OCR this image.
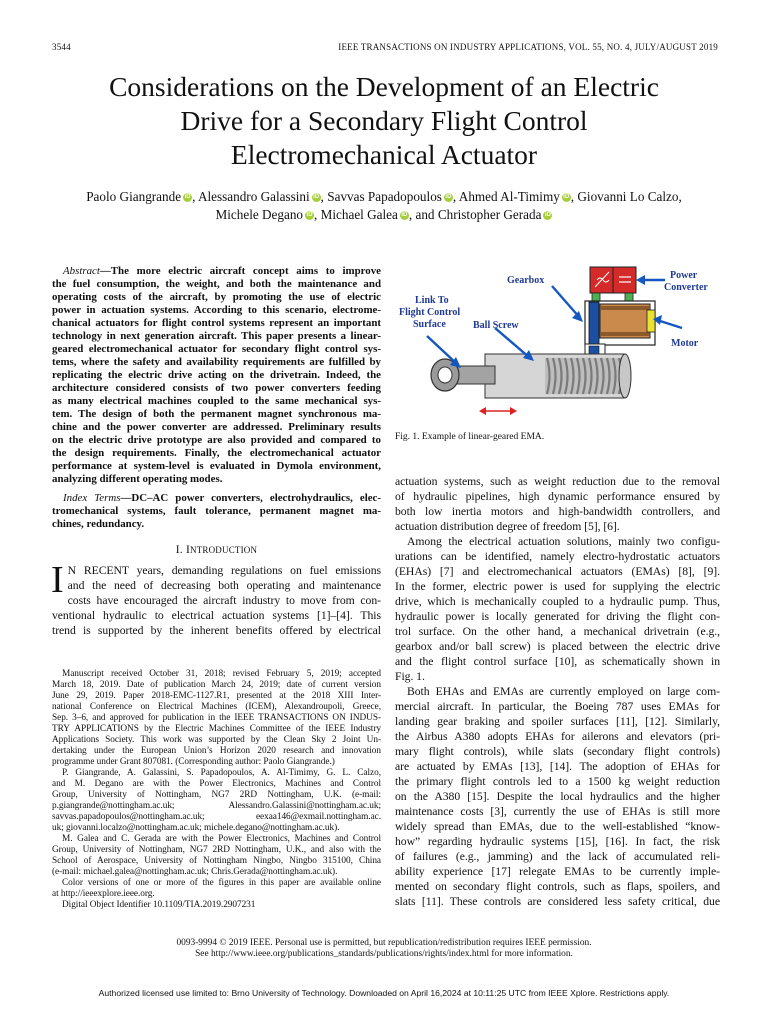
3544	IEEE TRANSACTIONS ON INDUSTRY APPLICATIONS, VOL. 55, NO. 4, JULY/AUGUST 2019
Considerations on the Development of an Electric
Drive for a Secondary Flight Control
Electromechanical Actuator
Paolo Giangrande iD , Alessandro Galassini iD , Savvas Papadopoulos iD , Ahmed Al-Timimy iD , Giovanni Lo Calzo,
Michele Degano iD , Michael Galea iD , and Christopher Gerada iD
Abstract—The more electric aircraft concept aims to improve
the fuel consumption, the weight, and both the maintenance and
operating costs of the aircraft, by promoting the use of electric
power in actuation systems. According to this scenario, electrome-
chanical actuators for flight control systems represent an important
technology in next generation aircraft. This paper presents a linear-
geared electromechanical actuator for secondary flight control sys-
tems, where the safety and availability requirements are fulfilled by
replicating the electric drive acting on the drivetrain. Indeed, the
architecture considered consists of two power converters feeding
as many electrical machines coupled to the same mechanical sys-
tem. The design of both the permanent magnet synchronous ma-
chine and the power converter are addressed. Preliminary results
on the electric drive prototype are also provided and compared to
the design requirements. Finally, the electromechanical actuator
performance at system-level is evaluated in Dymola environment,
analyzing different operating modes.
Index Terms—DC–AC power converters, electrohydraulics, elec-
tromechanical systems, fault tolerance, permanent magnet ma-
chines, redundancy.
I. INTRODUCTION
I N RECENT years, demanding regulations on fuel emissions
and the need of decreasing both operating and maintenance
costs have encouraged the aircraft industry to move from con-
ventional hydraulic to electrical actuation systems [1]–[4]. This
trend is supported by the inherent benefits offered by electrical
Manuscript received October 31, 2018; revised February 5, 2019; accepted
March 18, 2019. Date of publication March 24, 2019; date of current version
June 29, 2019. Paper 2018-EMC-1127.R1, presented at the 2018 XIII Inter-
national Conference on Electrical Machines (ICEM), Alexandroupoli, Greece,
Sep. 3–6, and approved for publication in the IEEE TRANSACTIONS ON INDUS-
TRY APPLICATIONS by the Electric Machines Committee of the IEEE Industry
Applications Society. This work was supported by the Clean Sky 2 Joint Un-
dertaking under the European Union’s Horizon 2020 research and innovation
programme under Grant 807081. (Corresponding author: Paolo Giangrande.)
P. Giangrande, A. Galassini, S. Papadopoulos, A. Al-Timimy, G. L. Calzo,
and M. Degano are with the Power Electronics, Machines and Control
Group, University of Nottingham, NG7 2RD Nottingham, U.K. (e-mail:
p.giangrande@nottingham.ac.uk; Alessandro.Galassini@nottingham.ac.uk;
savvas.papadopoulos@nottingham.ac.uk; eexaa146@exmail.nottingham.ac.
uk; giovanni.localzo@nottingham.ac.uk; michele.degano@nottingham.ac.uk).
M. Galea and C. Gerada are with the Power Electronics, Machines and Control
Group, University of Nottingham, NG7 2RD Nottingham, U.K., and also with the
School of Aerospace, University of Nottingham Ningbo, Ningbo 315100, China
(e-mail: michael.galea@nottingham.ac.uk; Chris.Gerada@nottingham.ac.uk).
Color versions of one or more of the figures in this paper are available online
at http://ieeexplore.ieee.org.
Digital Object Identifier 10.1109/TIA.2019.2907231
Gearbox	Power
Converter
Link To
Flight Control
Surface	Ball Screw
Motor
Fig. 1. Example of linear-geared EMA.
actuation systems, such as weight reduction due to the removal
of hydraulic pipelines, high dynamic performance ensured by
both low inertia motors and high-bandwidth controllers, and
actuation distribution degree of freedom [5], [6].
Among the electrical actuation solutions, mainly two configu-
urations can be identified, namely electro-hydrostatic actuators
(EHAs) [7] and electromechanical actuators (EMAs) [8], [9].
In the former, electric power is used for supplying the electric
drive, which is mechanically coupled to a hydraulic pump. Thus,
hydraulic power is locally generated for driving the flight con-
trol surface. On the other hand, a mechanical drivetrain (e.g.,
gearbox and/or ball screw) is placed between the electric drive
and the flight control surface [10], as schematically shown in
Fig. 1.
Both EHAs and EMAs are currently employed on large com-
mercial aircraft. In particular, the Boeing 787 uses EMAs for
landing gear braking and spoiler surfaces [11], [12]. Similarly,
the Airbus A380 adopts EHAs for ailerons and elevators (pri-
mary flight controls), while slats (secondary flight controls)
are actuated by EMAs [13], [14]. The adoption of EHAs for
the primary flight controls led to a 1500 kg weight reduction
on the A380 [15]. Despite the local hydraulics and the higher
maintenance costs [3], currently the use of EHAs is still more
widely spread than EMAs, due to the well-established “know-
how” regarding hydraulic systems [15], [16]. In fact, the risk
of failures (e.g., jamming) and the lack of accumulated reli-
ability experience [17] relegate EMAs to be currently imple-
mented on secondary flight controls, such as flaps, spoilers, and
slats [11]. These controls are considered less safety critical, due
0093-9994 © 2019 IEEE. Personal use is permitted, but republication/redistribution requires IEEE permission.
See http://www.ieee.org/publications_standards/publications/rights/index.html for more information.
Authorized licensed use limited to: Brno University of Technology. Downloaded on April 16,2024 at 10:11:25 UTC from IEEE Xplore. Restrictions apply.
